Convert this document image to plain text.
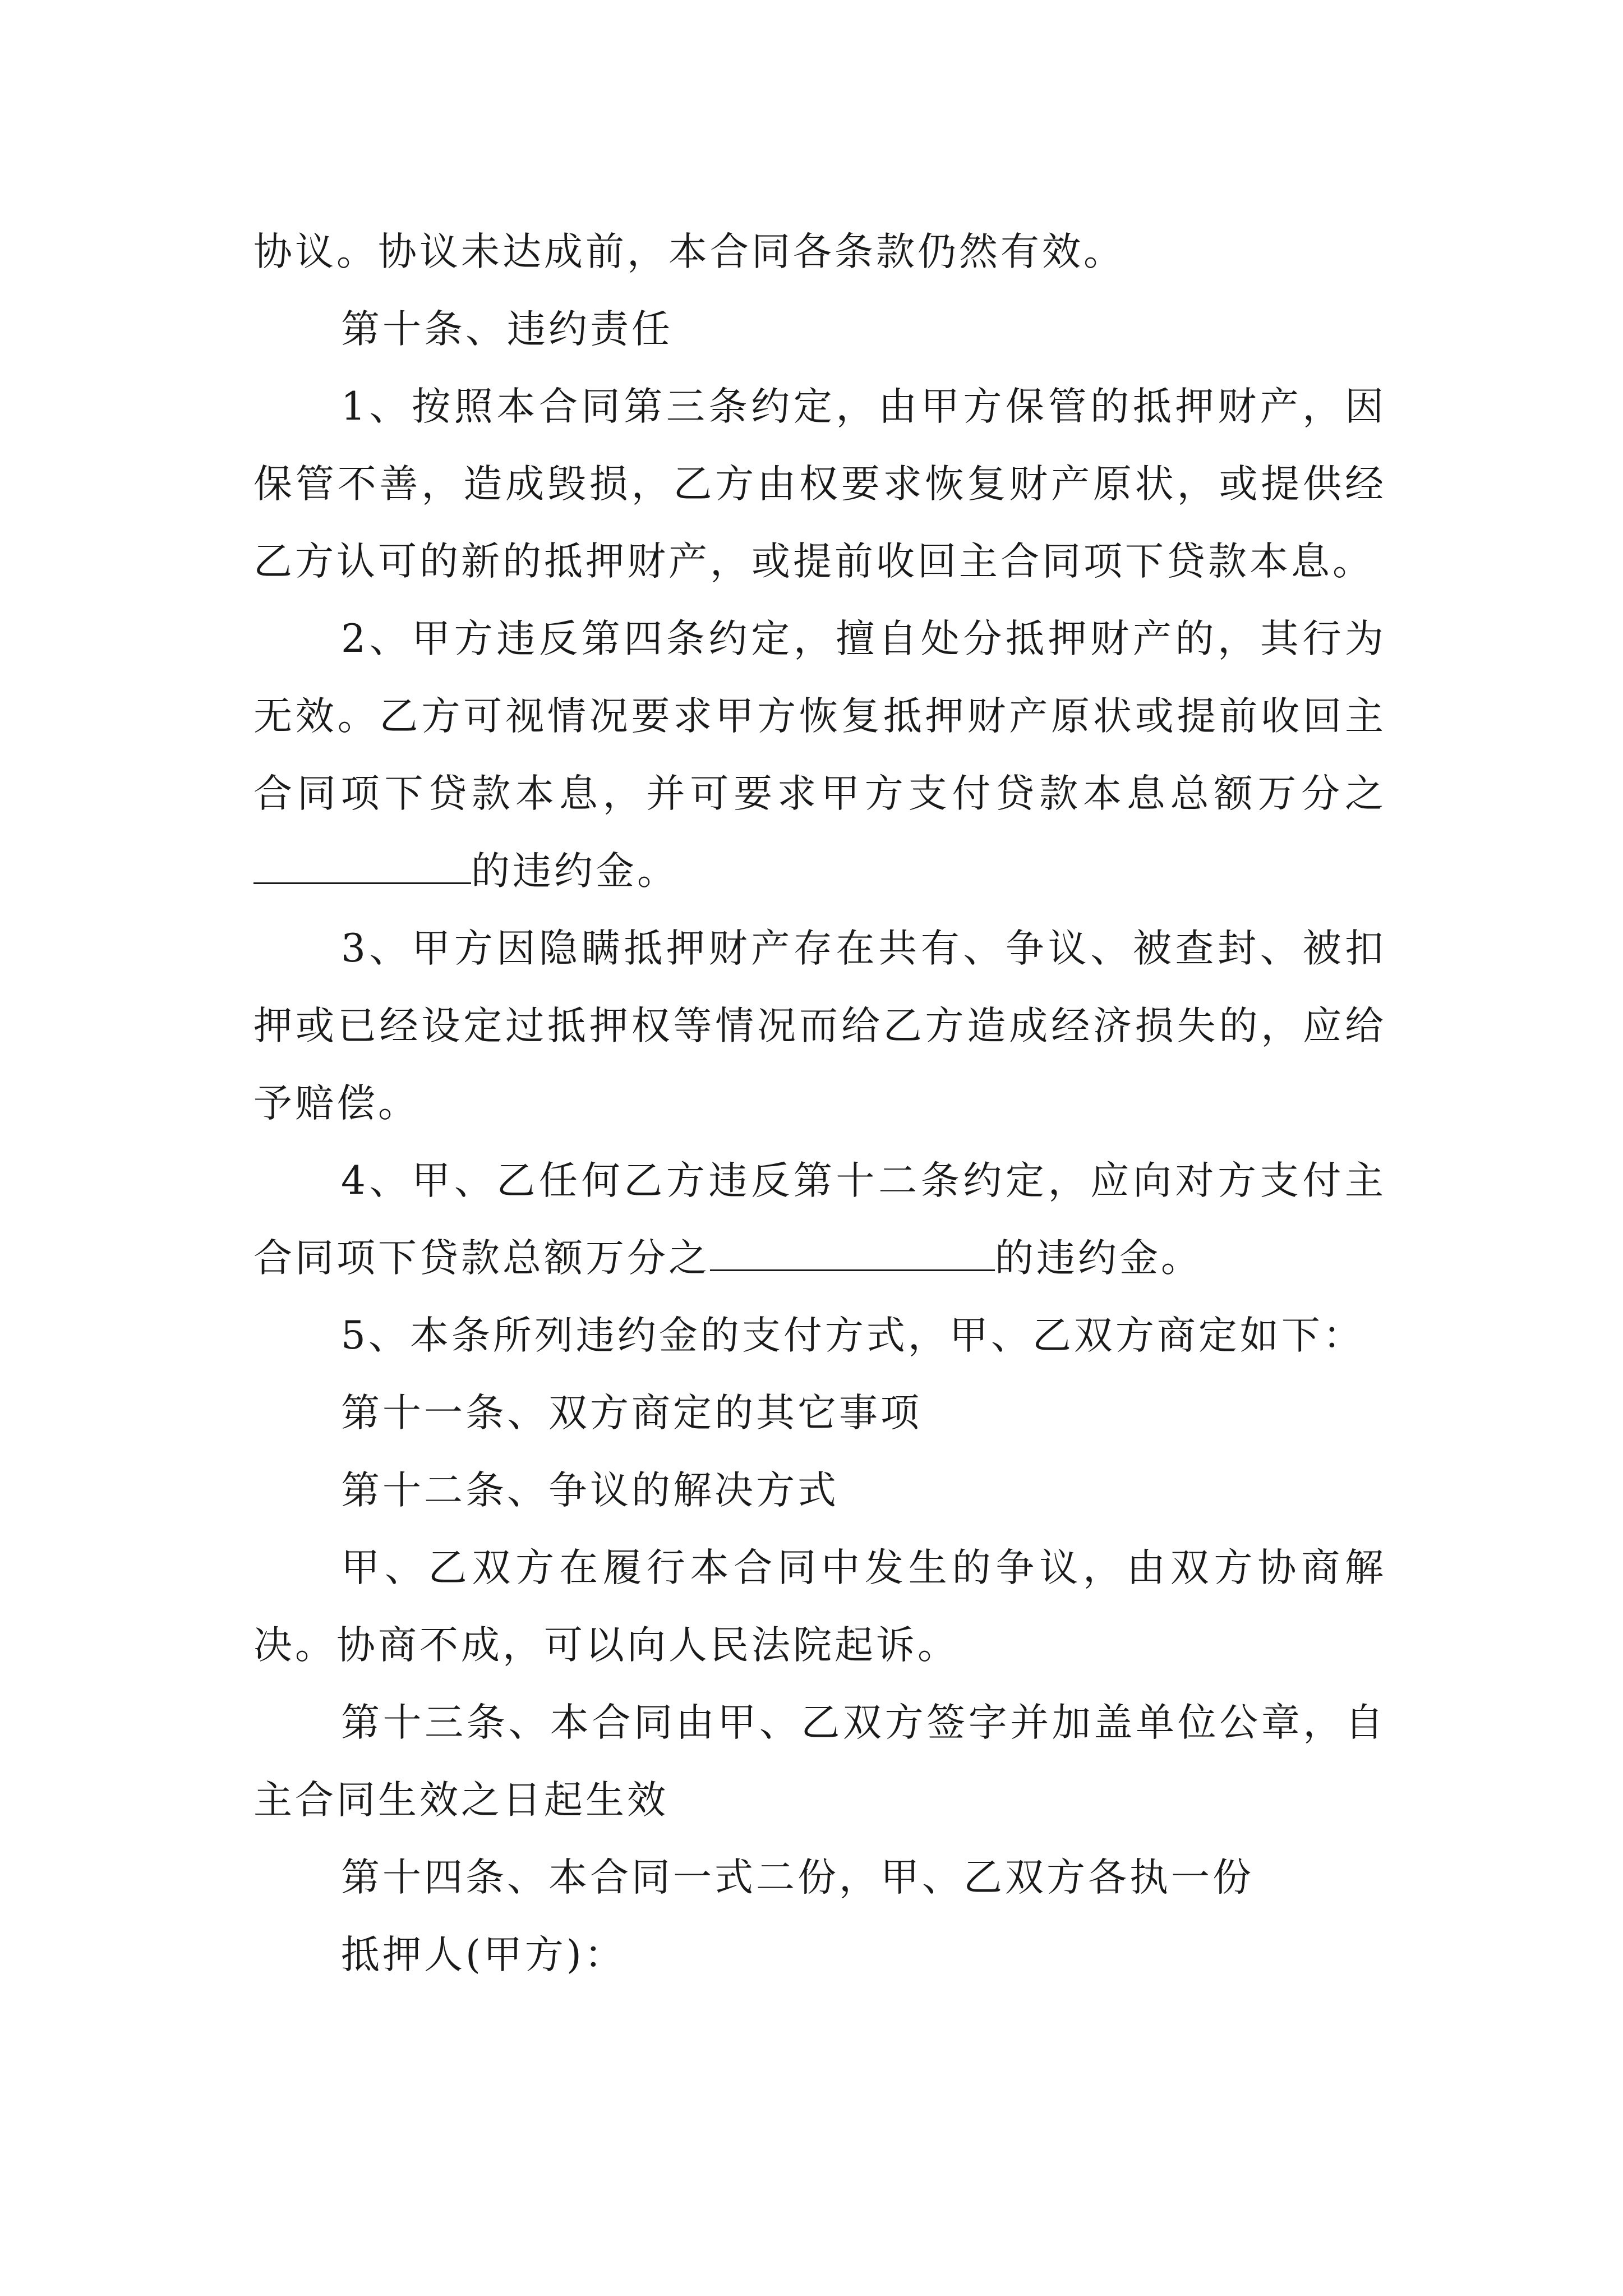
协议。协议未达成前，本合同各条款仍然有效。

第十条、违约责任

1、按照本合同第三条约定，由甲方保管的抵押财产，因保管不善，造成毁损，乙方由权要求恢复财产原状，或提供经乙方认可的新的抵押财产，或提前收回主合同项下贷款本息。

2、甲方违反第四条约定，擅自处分抵押财产的，其行为无效。乙方可视情况要求甲方恢复抵押财产原状或提前收回主合同项下贷款本息，并可要求甲方支付贷款本息总额万分之的违约金。

3、甲方因隐瞒抵押财产存在共有、争议、被查封、被扣押或已经设定过抵押权等情况而给乙方造成经济损失的，应给予赔偿。

4、甲、乙任何乙方违反第十二条约定，应向对方支付主合同项下贷款总额万分之	的违约金。

5、本条所列违约金的支付方式，甲、乙双方商定如下：

第十一条、双方商定的其它事项

第十二条、争议的解决方式

甲、乙双方在履行本合同中发生的争议，由双方协商解决。协商不成，可以向人民法院起诉。

第十三条、本合同由甲、乙双方签字并加盖单位公章，自主合同生效之日起生效

第十四条、本合同一式二份，甲、乙双方各执一份

抵押人(甲方)：
